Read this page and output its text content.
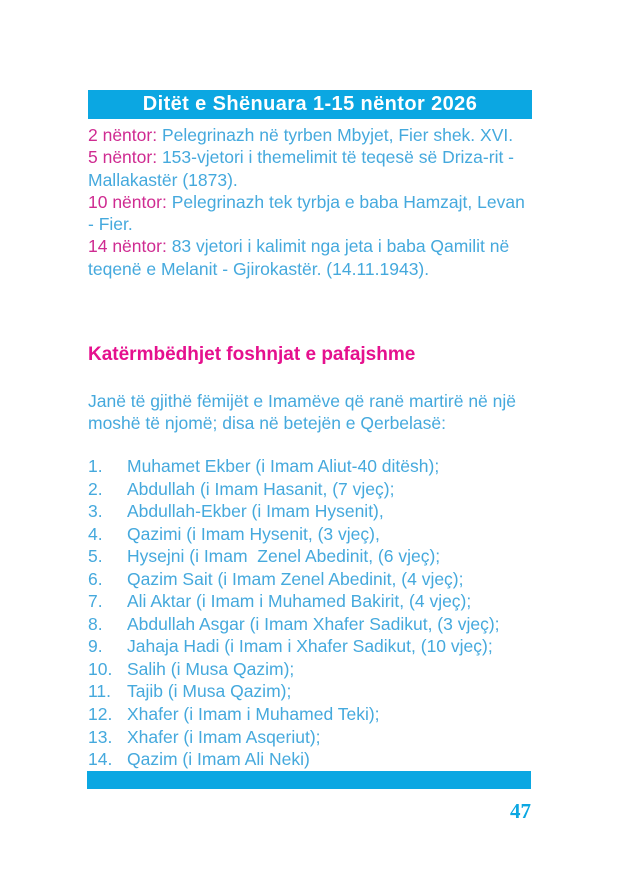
Ditët e Shënuara 1-15 nëntor 2026

2 nëntor: Pelegrinazh në tyrben Mbyjet, Fier shek. XVI.

5 nëntor: 153-vjetori i themelimit të teqesë së Driza-rit - Mallakastër (1873).

10 nëntor: Pelegrinazh tek tyrbja e baba Hamzajt, Levan - Fier.

14 nëntor: 83 vjetori i kalimit nga jeta i baba Qamilit në teqenë e Melanit - Gjirokastër. (14.11.1943).

Katërmbëdhjet foshnjat e pafajshme

Janë të gjithë fëmijët e Imamëve që ranë martirë në një moshë të njomë; disa në betejën e Qerbelasë:

1.	Muhamet Ekber (i Imam Aliut-40 ditësh);
2.	Abdullah (i Imam Hasanit, (7 vjeç);
3.	Abdullah-Ekber (i Imam Hysenit),
4.	Qazimi (i Imam Hysenit, (3 vjeç),
5.	Hysejni (i Imam  Zenel Abedinit, (6 vjeç);
6.	Qazim Sait (i Imam Zenel Abedinit, (4 vjeç);
7.	Ali Aktar (i Imam i Muhamed Bakirit, (4 vjeç);
8.	Abdullah Asgar (i Imam Xhafer Sadikut, (3 vjeç);
9.	Jahaja Hadi (i Imam i Xhafer Sadikut, (10 vjeç);
10. Salih (i Musa Qazim);
11. Tajib (i Musa Qazim);
12. Xhafer (i Imam i Muhamed Teki);
13. Xhafer (i Imam Asqeriut);
14. Qazim (i Imam Ali Neki)
47
